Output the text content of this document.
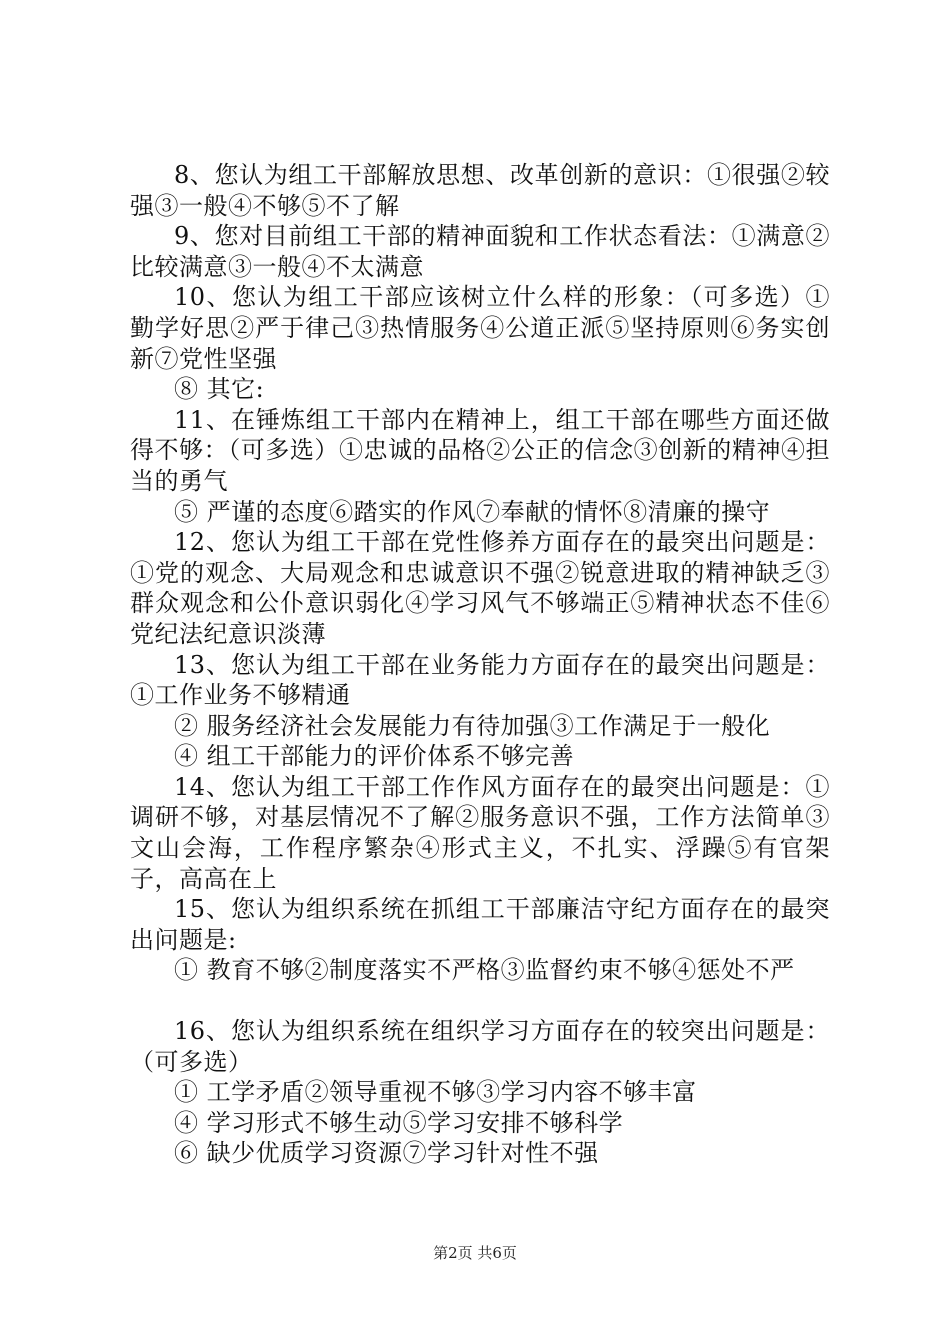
8、您认为组工干部解放思想、改革创新的意识：①很强②较强③一般④不够⑤不了解

9、您对目前组工干部的精神面貌和工作状态看法：①满意②比较满意③一般④不太满意

10、您认为组工干部应该树立什么样的形象：（可多选）①勤学好思②严于律己③热情服务④公道正派⑤坚持原则⑥务实创新⑦党性坚强

⑧ 其它:

11、在锤炼组工干部内在精神上，组工干部在哪些方面还做得不够：（可多选）①忠诚的品格②公正的信念③创新的精神④担当的勇气

⑤ 严谨的态度⑥踏实的作风⑦奉献的情怀⑧清廉的操守

12、您认为组工干部在党性修养方面存在的最突出问题是：①党的观念、大局观念和忠诚意识不强②锐意进取的精神缺乏③群众观念和公仆意识弱化④学习风气不够端正⑤精神状态不佳⑥党纪法纪意识淡薄

13、您认为组工干部在业务能力方面存在的最突出问题是：①工作业务不够精通

② 服务经济社会发展能力有待加强③工作满足于一般化

④ 组工干部能力的评价体系不够完善

14、您认为组工干部工作作风方面存在的最突出问题是：①调研不够，对基层情况不了解②服务意识不强，工作方法简单③文山会海，工作程序繁杂④形式主义，不扎实、浮躁⑤有官架子，高高在上

15、您认为组织系统在抓组工干部廉洁守纪方面存在的最突出问题是:

① 教育不够②制度落实不严格③监督约束不够④惩处不严

16、您认为组织系统在组织学习方面存在的较突出问题是：（可多选）

① 工学矛盾②领导重视不够③学习内容不够丰富

④ 学习形式不够生动⑤学习安排不够科学

⑥ 缺少优质学习资源⑦学习针对性不强

第2页 共6页
